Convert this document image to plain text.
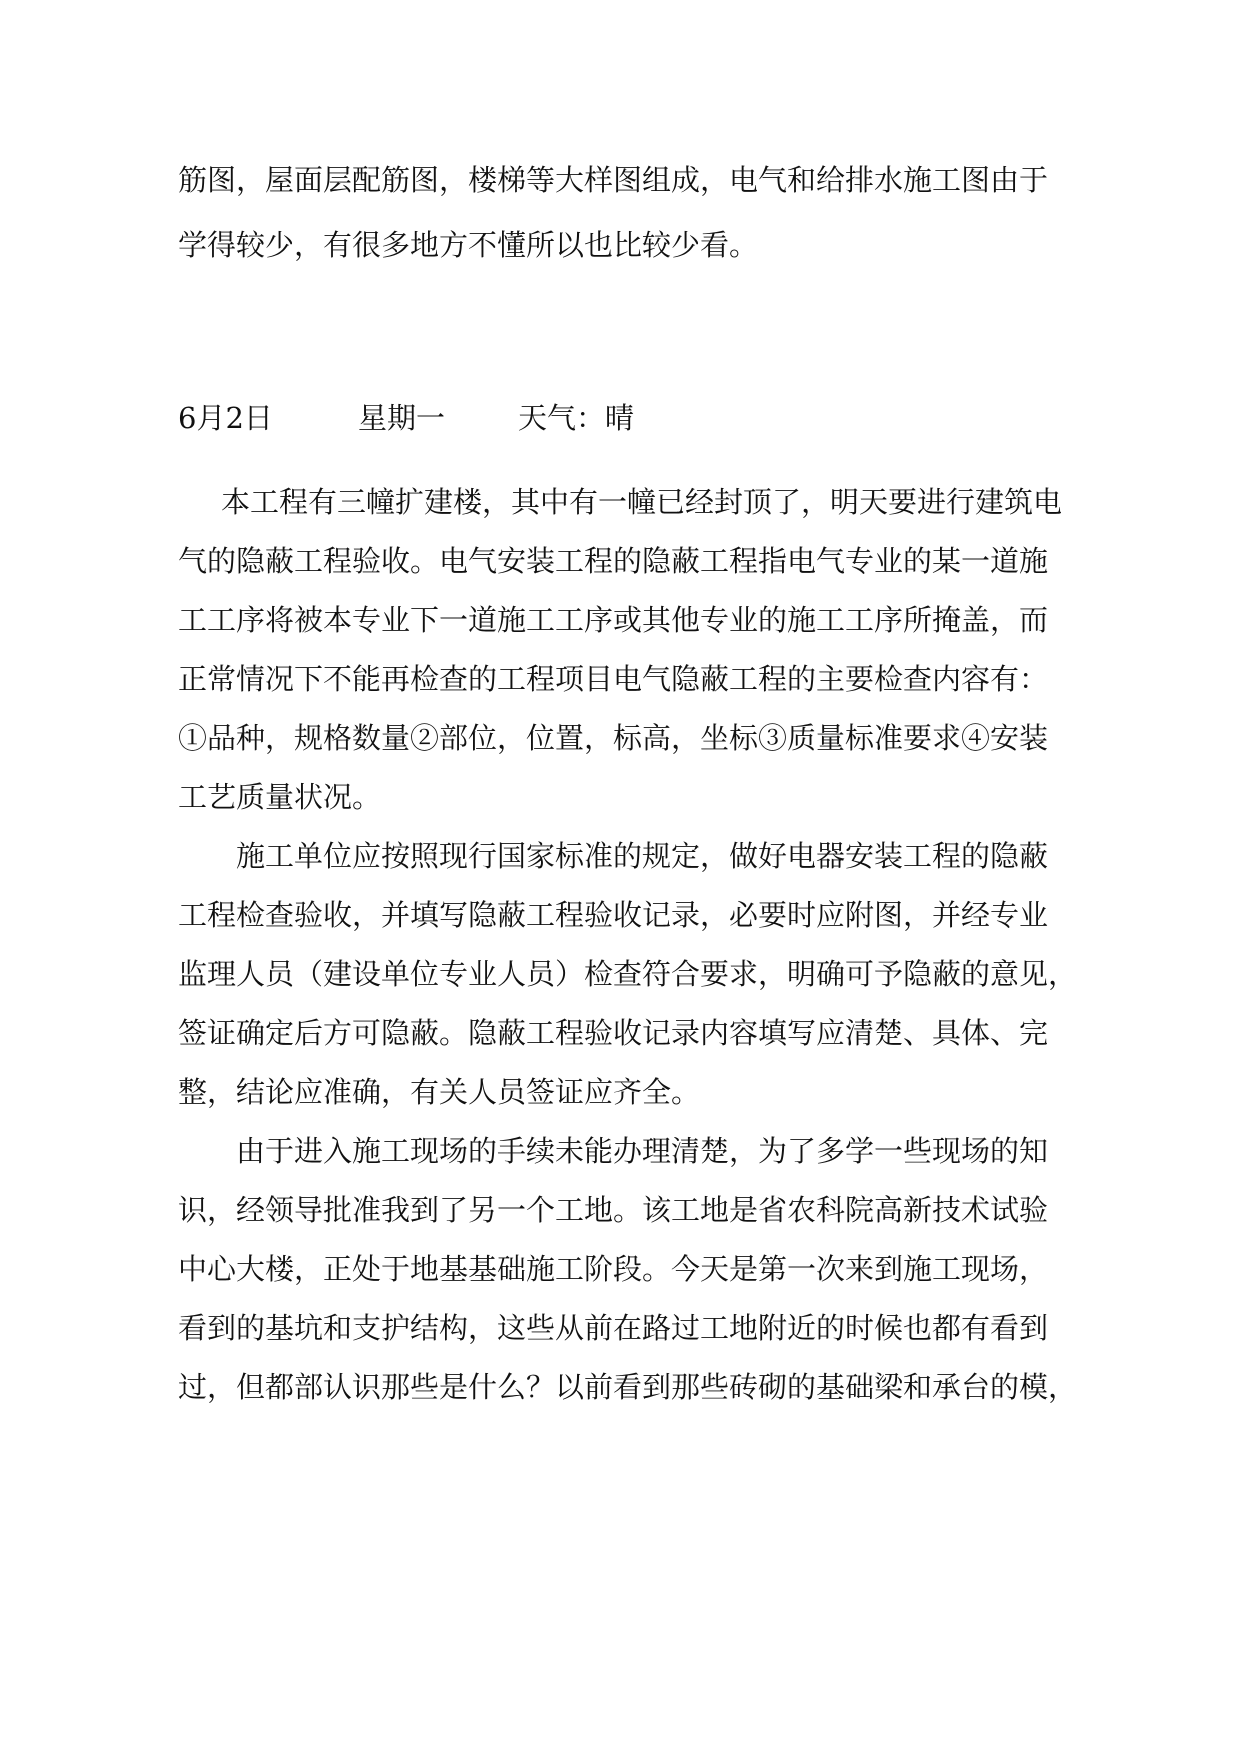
筋图，屋面层配筋图，楼梯等大样图组成，电气和给排水施工图由于
学得较少，有很多地方不懂所以也比较少看。
6月2日	星期一	天气：晴
本工程有三幢扩建楼，其中有一幢已经封顶了，明天要进行建筑电
气的隐蔽工程验收。电气安装工程的隐蔽工程指电气专业的某一道施
工工序将被本专业下一道施工工序或其他专业的施工工序所掩盖，而
正常情况下不能再检查的工程项目电气隐蔽工程的主要检查内容有：
①品种，规格数量②部位，位置，标高，坐标③质量标准要求④安装
工艺质量状况。
施工单位应按照现行国家标准的规定，做好电器安装工程的隐蔽
工程检查验收，并填写隐蔽工程验收记录，必要时应附图，并经专业
监理人员（建设单位专业人员）检查符合要求，明确可予隐蔽的意见，
签证确定后方可隐蔽。隐蔽工程验收记录内容填写应清楚、具体、完
整，结论应准确，有关人员签证应齐全。
由于进入施工现场的手续未能办理清楚，为了多学一些现场的知
识，经领导批准我到了另一个工地。该工地是省农科院高新技术试验
中心大楼，正处于地基基础施工阶段。今天是第一次来到施工现场，
看到的基坑和支护结构，这些从前在路过工地附近的时候也都有看到
过，但都部认识那些是什么？以前看到那些砖砌的基础梁和承台的模，
